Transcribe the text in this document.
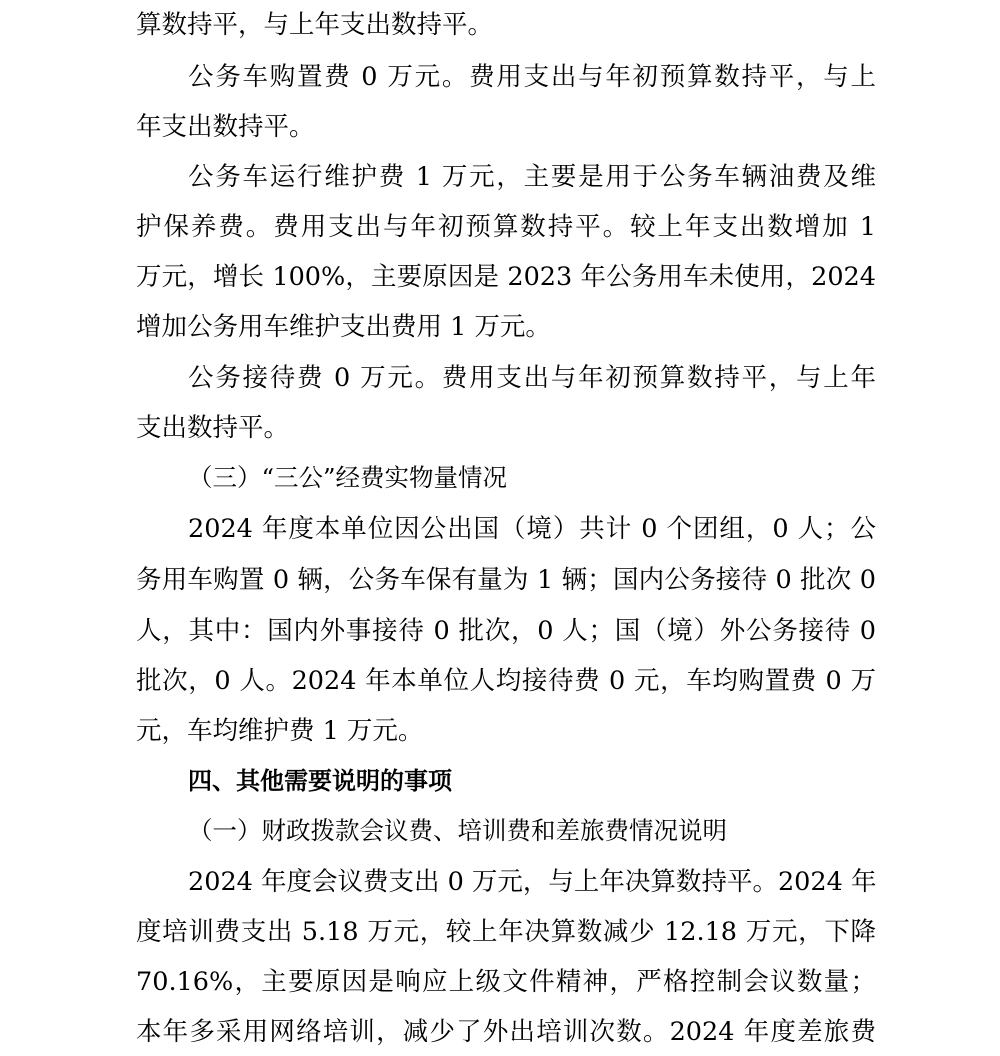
算数持平，与上年支出数持平。
公务车购置费 0 万元。费用支出与年初预算数持平，与上
年支出数持平。
公务车运行维护费 1 万元，主要是用于公务车辆油费及维
护保养费。费用支出与年初预算数持平。较上年支出数增加 1
万元，增长 100%，主要原因是 2023 年公务用车未使用，2024
增加公务用车维护支出费用 1 万元。
公务接待费 0 万元。费用支出与年初预算数持平，与上年
支出数持平。
（三）“三公”经费实物量情况
2024 年度本单位因公出国（境）共计 0 个团组，0 人；公
务用车购置 0 辆，公务车保有量为 1 辆；国内公务接待 0 批次 0
人，其中：国内外事接待 0 批次，0 人；国（境）外公务接待 0
批次，0 人。2024 年本单位人均接待费 0 元，车均购置费 0 万
元，车均维护费 1 万元。
四、其他需要说明的事项
（一）财政拨款会议费、培训费和差旅费情况说明
2024 年度会议费支出 0 万元，与上年决算数持平。2024 年
度培训费支出 5.18 万元，较上年决算数减少 12.18 万元，下降
70.16%，主要原因是响应上级文件精神，严格控制会议数量；
本年多采用网络培训，减少了外出培训次数。2024 年度差旅费
